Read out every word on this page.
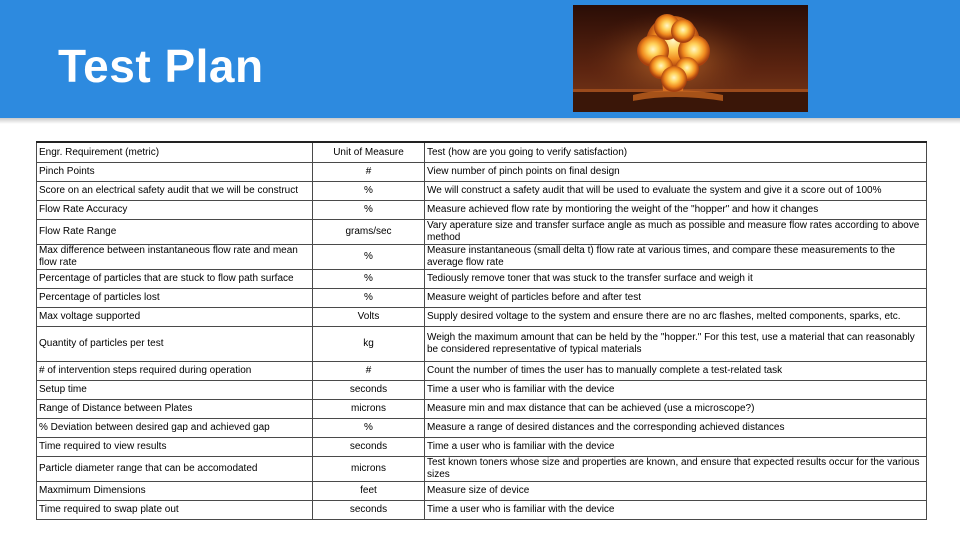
Test Plan
Engr. Requirement (metric)	Unit of Measure	Test (how are you going to verify satisfaction)
Pinch Points	#	View number of pinch points on final design
Score on an electrical safety audit that we will be construct	%	We will construct a safety audit that will be used to evaluate the system and give it a score out of 100%
Flow Rate Accuracy	%	Measure achieved flow rate by montioring the weight of the "hopper" and how it changes
Flow Rate Range	grams/sec	Vary aperature size and transfer surface angle as much as possible and measure flow rates according to above method
Max difference between instantaneous flow rate and mean flow rate	%	Measure instantaneous (small delta t) flow rate at various times, and compare these measurements to the average flow rate
Percentage of particles that are stuck to flow path surface	%	Tediously remove toner that was stuck to the transfer surface and weigh it
Percentage of particles lost	%	Measure weight of particles before and after test
Max voltage supported	Volts	Supply desired voltage to the system and ensure there are no arc flashes, melted components, sparks, etc.
Quantity of particles per test	kg	Weigh the maximum amount that can be held by the "hopper." For this test, use a material that can reasonably be considered representative of typical materials
# of intervention steps required during operation	#	Count the number of times the user has to manually complete a test-related task
Setup time	seconds	Time a user who is familiar with the device
Range of Distance between Plates	microns	Measure min and max distance that can be achieved (use a microscope?)
% Deviation between desired gap and achieved gap	%	Measure a range of desired distances and the corresponding achieved distances
Time required to view results	seconds	Time a user who is familiar with the device
Particle diameter range that can be accomodated	microns	Test known toners whose size and properties are known, and ensure that expected results occur for the various sizes
Maxmimum Dimensions	feet	Measure size of device
Time required to swap plate out	seconds	Time a user who is familiar with the device
